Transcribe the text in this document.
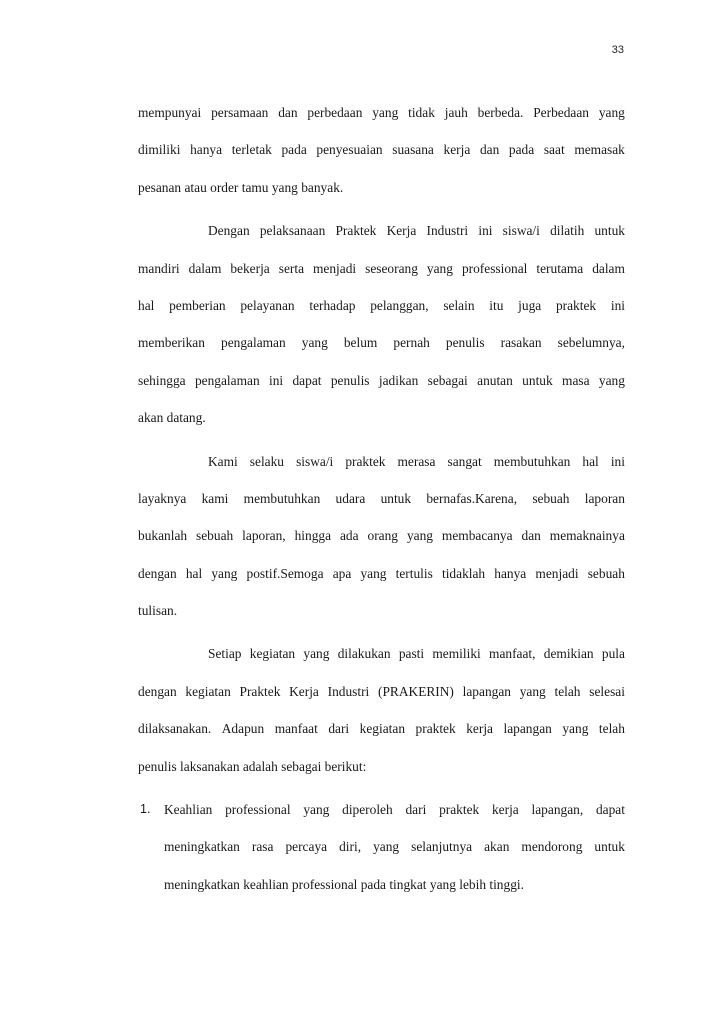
33
mempunyai persamaan dan perbedaan yang tidak jauh berbeda. Perbedaan yang
dimiliki hanya terletak pada penyesuaian suasana kerja dan pada saat memasak
pesanan atau order tamu yang banyak.
Dengan pelaksanaan Praktek Kerja Industri ini siswa/i dilatih untuk
mandiri dalam bekerja serta menjadi seseorang yang professional terutama dalam
hal pemberian pelayanan terhadap pelanggan, selain itu juga praktek ini
memberikan pengalaman yang belum pernah penulis rasakan sebelumnya,
sehingga pengalaman ini dapat penulis jadikan sebagai anutan untuk masa yang
akan datang.
Kami selaku siswa/i praktek merasa sangat membutuhkan hal ini
layaknya kami membutuhkan udara untuk bernafas.Karena, sebuah laporan
bukanlah sebuah laporan, hingga ada orang yang membacanya dan memaknainya
dengan hal yang postif.Semoga apa yang tertulis tidaklah hanya menjadi sebuah
tulisan.
Setiap kegiatan yang dilakukan pasti memiliki manfaat, demikian pula
dengan kegiatan Praktek Kerja Industri (PRAKERIN) lapangan yang telah selesai
dilaksanakan. Adapun manfaat dari kegiatan praktek kerja lapangan yang telah
penulis laksanakan adalah sebagai berikut:
1. Keahlian professional yang diperoleh dari praktek kerja lapangan, dapat
meningkatkan rasa percaya diri, yang selanjutnya akan mendorong untuk
meningkatkan keahlian professional pada tingkat yang lebih tinggi.
